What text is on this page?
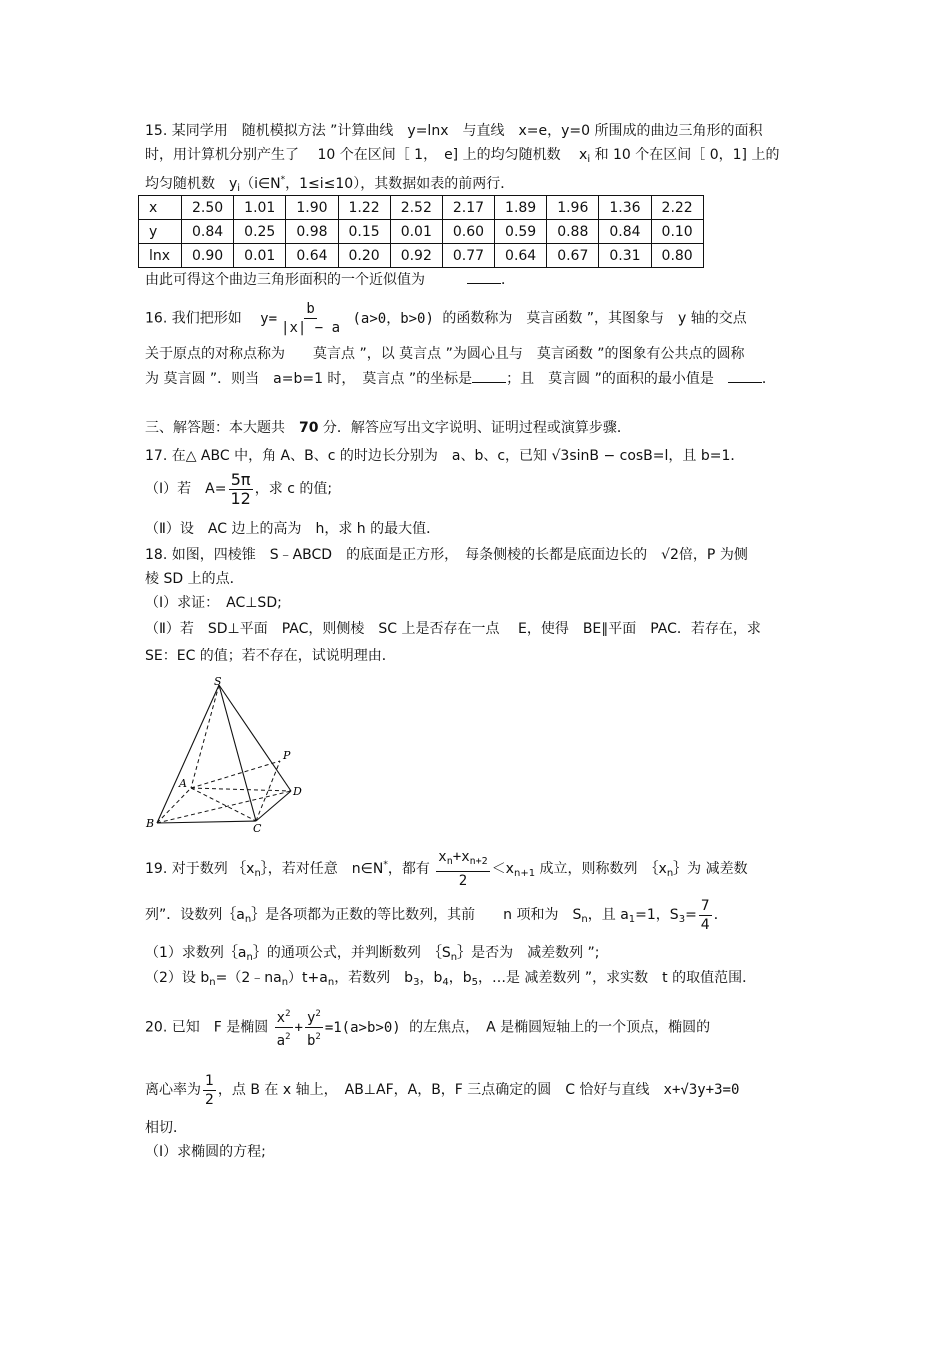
15. 某同学用　随机模拟方法 ”计算曲线　y=lnx　与直线　x=e，y=0 所围成的曲边三角形的面积
时，用计算机分别产生了　 10 个在区间［ 1，　e] 上的均匀随机数　 $x_i$ 和 10 个在区间［ 0，1] 上的
均匀随机数　$y_i(i\in N^*$，1≤i≤10），其数据如表的前两行．
x	2.50	1.01	1.90	1.22	2.52	2.17	1.89	1.96	1.36	2.22
y	0.84	0.25	0.98	0.15	0.01	0.60	0.59	0.88	0.84	0.10
lnx	0.90	0.01	0.64	0.20	0.92	0.77	0.64	0.67	0.31	0.80
由此可得这个曲边三角形面积的一个近似值为　　　	．
16. 我们把形如　 $y= \frac{b}{|x| - a} (a>0$，b>0) 的函数称为　莫言函数 ”，其图象与　y 轴的交点
关于原点的对称点称为　　莫言点 ”，以 莫言点 ”为圆心且与　莫言函数 ”的图象有公共点的圆称
为 莫言圆 ”．则当　a=b=1 时，　莫言点 ”的坐标是 ；且　莫言圆 ”的面积的最小值是　	．
三、解答题：本大题共　70 分．解答应写出文字说明、证明过程或演算步骤．
17. 在△ ABC 中，角 A、B、c 的时边长分别为　a、b、c，已知 √3sinB − cosB=l，且 b=1．
（Ⅰ）若　$A= \frac{5\pi}{12}$ ，求 c 的值;
（Ⅱ）设　AC 边上的高为　h，求 h 的最大值．
18. 如图，四棱锥　S﹣ABCD　的底面是正方形，　每条侧棱的长都是底面边长的　 √2倍，P 为侧
棱 SD 上的点．
（Ⅰ）求证：　AC⊥SD;
（Ⅱ）若　SD⊥平面　PAC，则侧棱　SC 上是否存在一点　 E，使得　BE∥平面　PAC．若存在，求
SE：EC 的值；若不存在，试说明理由．
S
P
A
D
B	C
19. 对于数列 $\{x_n\}$，若对任意　n∈N*，都有 $\frac{x_n+x_{n+2}}{2} <x_{n+1}$ 成立，则称数列　$\{x_n\}$为 减差数
列”．设数列$\{a_n\}$是各项都为正数的等比数列，其前　　n 项和为　$S_n$，且 $a_1=1$，$S_3= \frac{7}{4}$ ．
（1）求数列$\{a_n\}$的通项公式，并判断数列　$\{S_n\}$是否为　减差数列 ”;
（2）设 $b_n=(2﹣na_n)t+a_n$，若数列　$b_3$，$b_4$，$b_5$，…是 减差数列 ”，求实数　t 的取值范围．
20. 已知　F 是椭圆 $\frac{x^2}{a^2} + \frac{y^2}{b^2} =1(a>b>0)$ 的左焦点，　A 是椭圆短轴上的一个顶点，椭圆的
离心率为 $\frac{1}{2}$ ，点 B 在 x 轴上，　AB⊥AF，A，B，F 三点确定的圆　C 恰好与直线　 x+√3y+3=0
相切．
（Ⅰ）求椭圆的方程;
